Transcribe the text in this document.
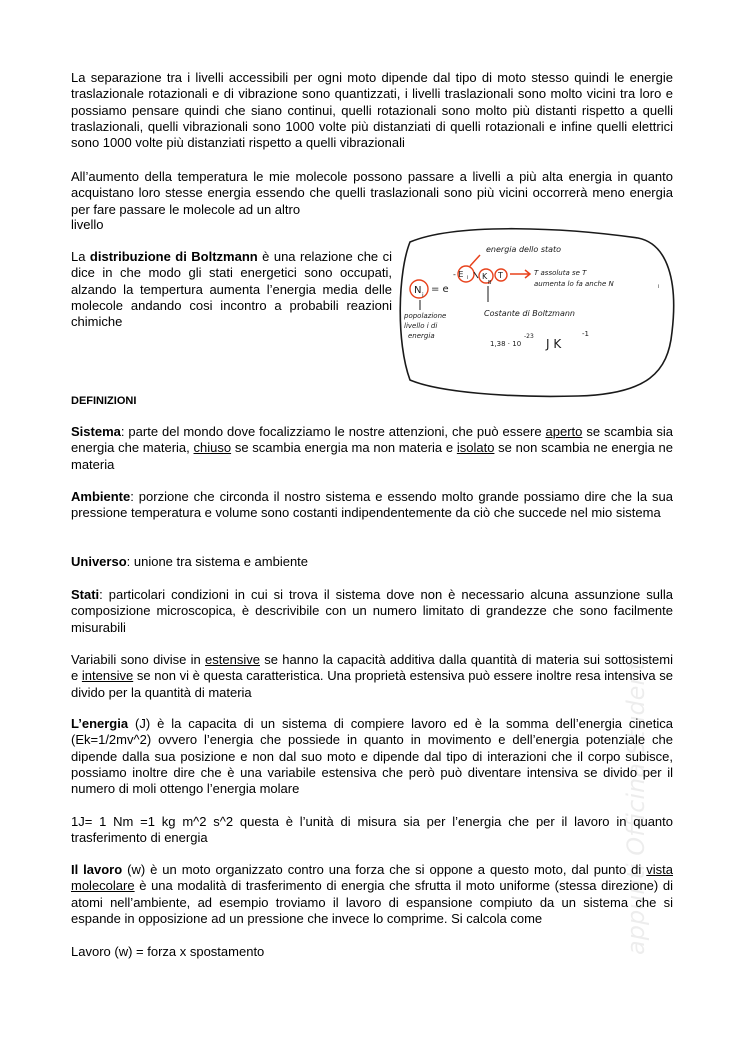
La separazione tra i livelli accessibili per ogni moto dipende dal tipo di moto stesso quindi le energie traslazionale rotazionali e di vibrazione sono quantizzati, i livelli traslazionali sono molto vicini tra loro e possiamo pensare quindi che siano continui, quelli rotazionali sono molto più distanti rispetto a quelli traslazionali, quelli vibrazionali sono 1000 volte più distanziati di quelli rotazionali e infine quelli elettrici sono 1000 volte più distanziati rispetto a quelli vibrazionali

All’aumento della temperatura le mie molecole possono passare a livelli a più alta energia in quanto acquistano loro stesse energia essendo che quelli traslazionali sono più vicini occorrerà meno energia per fare passare le molecole ad un altro

livello

La distribuzione di Boltzmann è una relazione che ci dice in che modo gli stati energetici sono occupati, alzando la tempertura aumenta l’energia media delle molecole andando cosi incontro a probabili reazioni chimiche

energia dello stato
N i
= e
- E i K
B
T	T assoluta se T
aumenta lo fa anche N	i
popolazione
livello i di
energia
Costante di Boltzmann
1,38 · 10
-23
J K
-1
DEFINIZIONI

Sistema: parte del mondo dove focalizziamo le nostre attenzioni, che può essere aperto se scambia sia energia che materia, chiuso se scambia energia ma non materia e isolato se non scambia ne energia ne materia

Ambiente: porzione che circonda il nostro sistema e essendo molto grande possiamo dire che la sua pressione temperatura e volume sono costanti indipendentemente da ciò che succede nel mio sistema

Universo: unione tra sistema e ambiente

Stati: particolari condizioni in cui si trova il sistema dove non è necessario alcuna assunzione sulla composizione microscopica, è descrivibile con un numero limitato di grandezze che sono facilmente misurabili

Variabili sono divise in estensive se hanno la capacità additiva dalla quantità di materia sui sottosistemi e intensive se non vi è questa caratteristica. Una proprietà estensiva può essere inoltre resa intensiva se divido per la quantità di materia

L’energia (J) è la capacita di un sistema di compiere lavoro ed è la somma dell’energia cinetica (Ek=1/2mv^2) ovvero l’energia che possiede in quanto in movimento e dell’energia potenziale che dipende dalla sua posizione e non dal suo moto e dipende dal tipo di interazioni che il corpo subisce, possiamo inoltre dire che è una variabile estensiva che però può diventare intensiva se divido per il numero di moli ottengo l’energia molare

1J= 1 Nm =1 kg m^2 s^2 questa è l’unità di misura sia per l’energia che per il lavoro in quanto trasferimento di energia

Il lavoro (w) è un moto organizzato contro una forza che si oppone a questo moto, dal punto di vista molecolare è una modalità di trasferimento di energia che sfrutta il moto uniforme (stessa direzione) di atomi nell’ambiente, ad esempio troviamo il lavoro di espansione compiuto da un sistema che si espande in opposizione ad un pressione che invece lo comprime. Si calcola come

Lavoro (w) = forza x spostamento	appunti Officina Studenti
